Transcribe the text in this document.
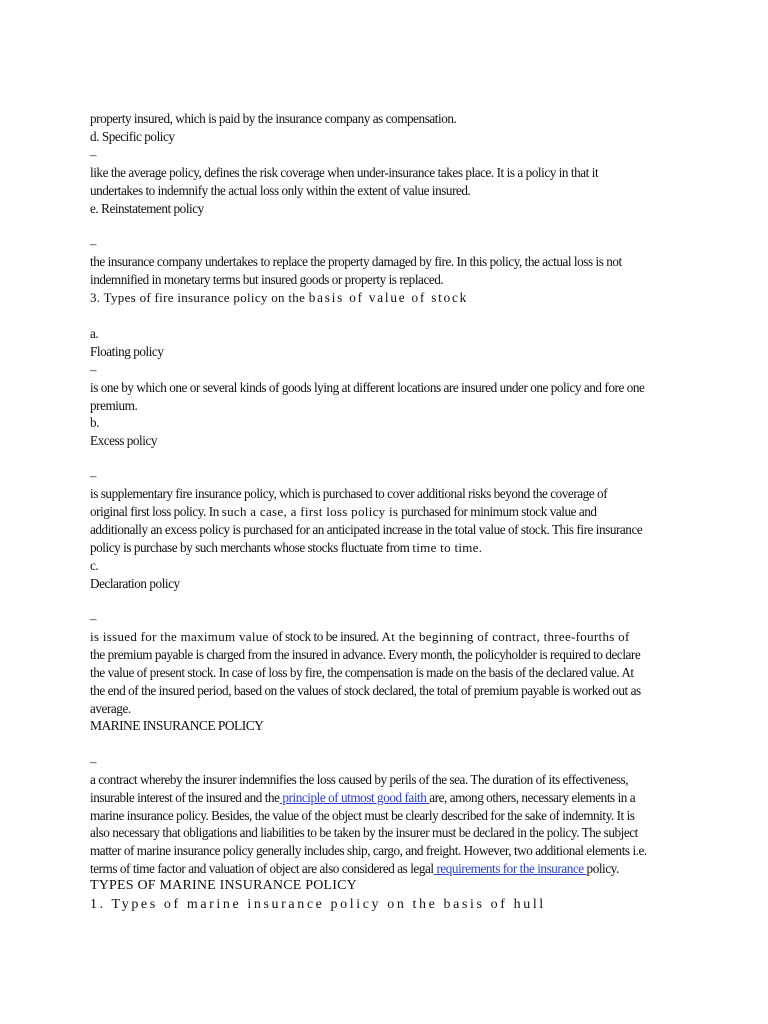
property insured, which is paid by the insurance company as compensation.

d. Specific policy

–

like the average policy, defines the risk coverage when under-insurance takes place. It is a policy in that it

undertakes to indemnify the actual loss only within the extent of value insured.

e. Reinstatement policy

–

the insurance company undertakes to replace the property damaged by fire. In this policy, the actual loss is not

indemnified in monetary terms but insured goods or property is replaced.

3. Types of fire insurance policy on the basis of value of stock

a.

Floating policy

–

is one by which one or several kinds of goods lying at different locations are insured under one policy and fore one

premium.

b.

Excess policy

–

is supplementary fire insurance policy, which is purchased to cover additional risks beyond the coverage of

original first loss policy. In such a case, a first loss policy is purchased for minimum stock value and

additionally an excess policy is purchased for an anticipated increase in the total value of stock. This fire insurance

policy is purchase by such merchants whose stocks fluctuate from time to time.

c.

Declaration policy

–

is issued for the maximum value of stock to be insured. At the beginning of contract, three-fourths of

the premium payable is charged from the insured in advance. Every month, the policyholder is required to declare

the value of present stock. In case of loss by fire, the compensation is made on the basis of the declared value. At

the end of the insured period, based on the values of stock declared, the total of premium payable is worked out as

average.

MARINE INSURANCE POLICY

–

a contract whereby the insurer indemnifies the loss caused by perils of the sea. The duration of its effectiveness,

insurable interest of the insured and the principle of utmost good faith are, among others, necessary elements in a

marine insurance policy. Besides, the value of the object must be clearly described for the sake of indemnity. It is

also necessary that obligations and liabilities to be taken by the insurer must be declared in the policy. The subject

matter of marine insurance policy generally includes ship, cargo, and freight. However, two additional elements i.e.

terms of time factor and valuation of object are also considered as legal requirements for the insurance policy.

TYPES OF MARINE INSURANCE POLICY

1. Types of marine insurance policy on the basis of hull
